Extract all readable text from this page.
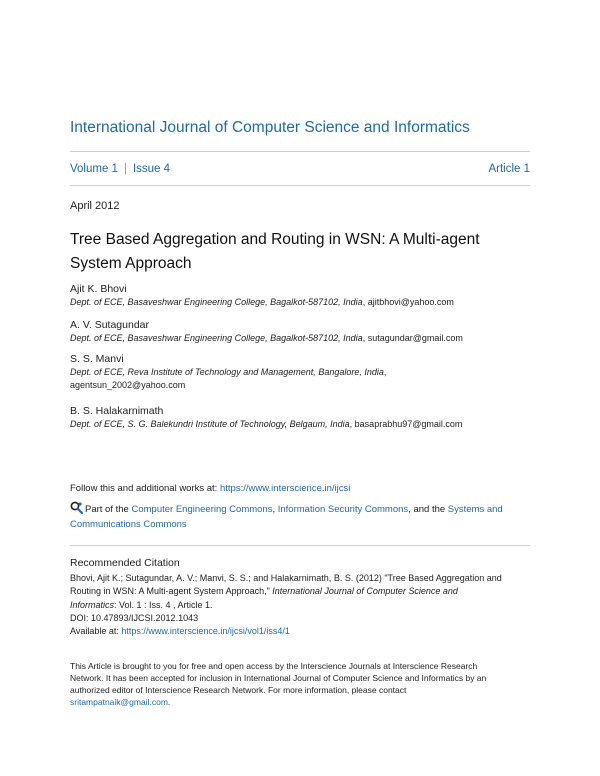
International Journal of Computer Science and Informatics
Volume 1 | Issue 4	Article 1
April 2012
Tree Based Aggregation and Routing in WSN: A Multi-agent
System Approach
Ajit K. Bhovi
Dept. of ECE, Basaveshwar Engineering College, Bagalkot-587102, India, ajitbhovi@yahoo.com
A. V. Sutagundar
Dept. of ECE, Basaveshwar Engineering College, Bagalkot-587102, India, sutagundar@gmail.com
S. S. Manvi
Dept. of ECE, Reva Institute of Technology and Management, Bangalore, India,
agentsun_2002@yahoo.com
B. S. Halakarnimath
Dept. of ECE, S. G. Balekundri Institute of Technology, Belgaum, India, basaprabhu97@gmail.com
Follow this and additional works at: https://www.interscience.in/ijcsi
Part of the Computer Engineering Commons, Information Security Commons, and the Systems and
Communications Commons
Recommended Citation
Bhovi, Ajit K.; Sutagundar, A. V.; Manvi, S. S.; and Halakarnimath, B. S. (2012) "Tree Based Aggregation and
Routing in WSN: A Multi-agent System Approach," International Journal of Computer Science and
Informatics: Vol. 1 : Iss. 4 , Article 1.
DOI: 10.47893/IJCSI.2012.1043
Available at: https://www.interscience.in/ijcsi/vol1/iss4/1
This Article is brought to you for free and open access by the Interscience Journals at Interscience Research
Network. It has been accepted for inclusion in International Journal of Computer Science and Informatics by an
authorized editor of Interscience Research Network. For more information, please contact
sritampatnaik@gmail.com.
